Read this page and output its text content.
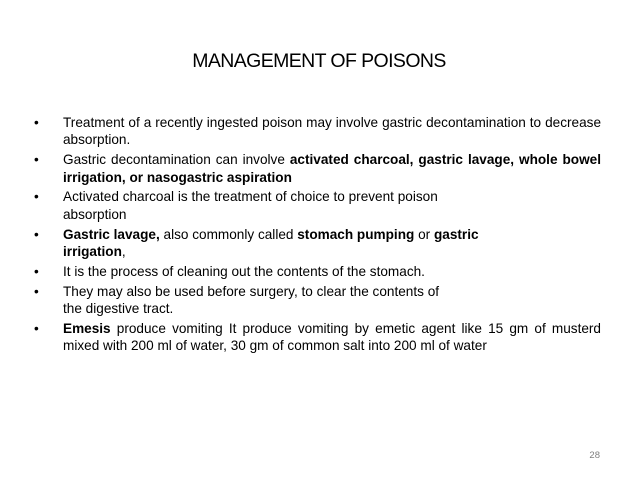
MANAGEMENT OF POISONS
•	Treatment of a recently ingested poison may involve gastric decontamination to decrease absorption.
•	Gastric decontamination can involve activated charcoal, gastric lavage, whole bowel irrigation, or nasogastric aspiration
•	Activated charcoal is the treatment of choice to prevent poison
absorption
•	Gastric lavage, also commonly called stomach pumping or gastric
irrigation,
•	It is the process of cleaning out the contents of the stomach.
•	They may also be used before surgery, to clear the contents of
the digestive tract.
•	Emesis produce vomiting It produce vomiting by emetic agent like 15 gm of musterd mixed with 200 ml of water, 30 gm of common salt into 200 ml of water
28
